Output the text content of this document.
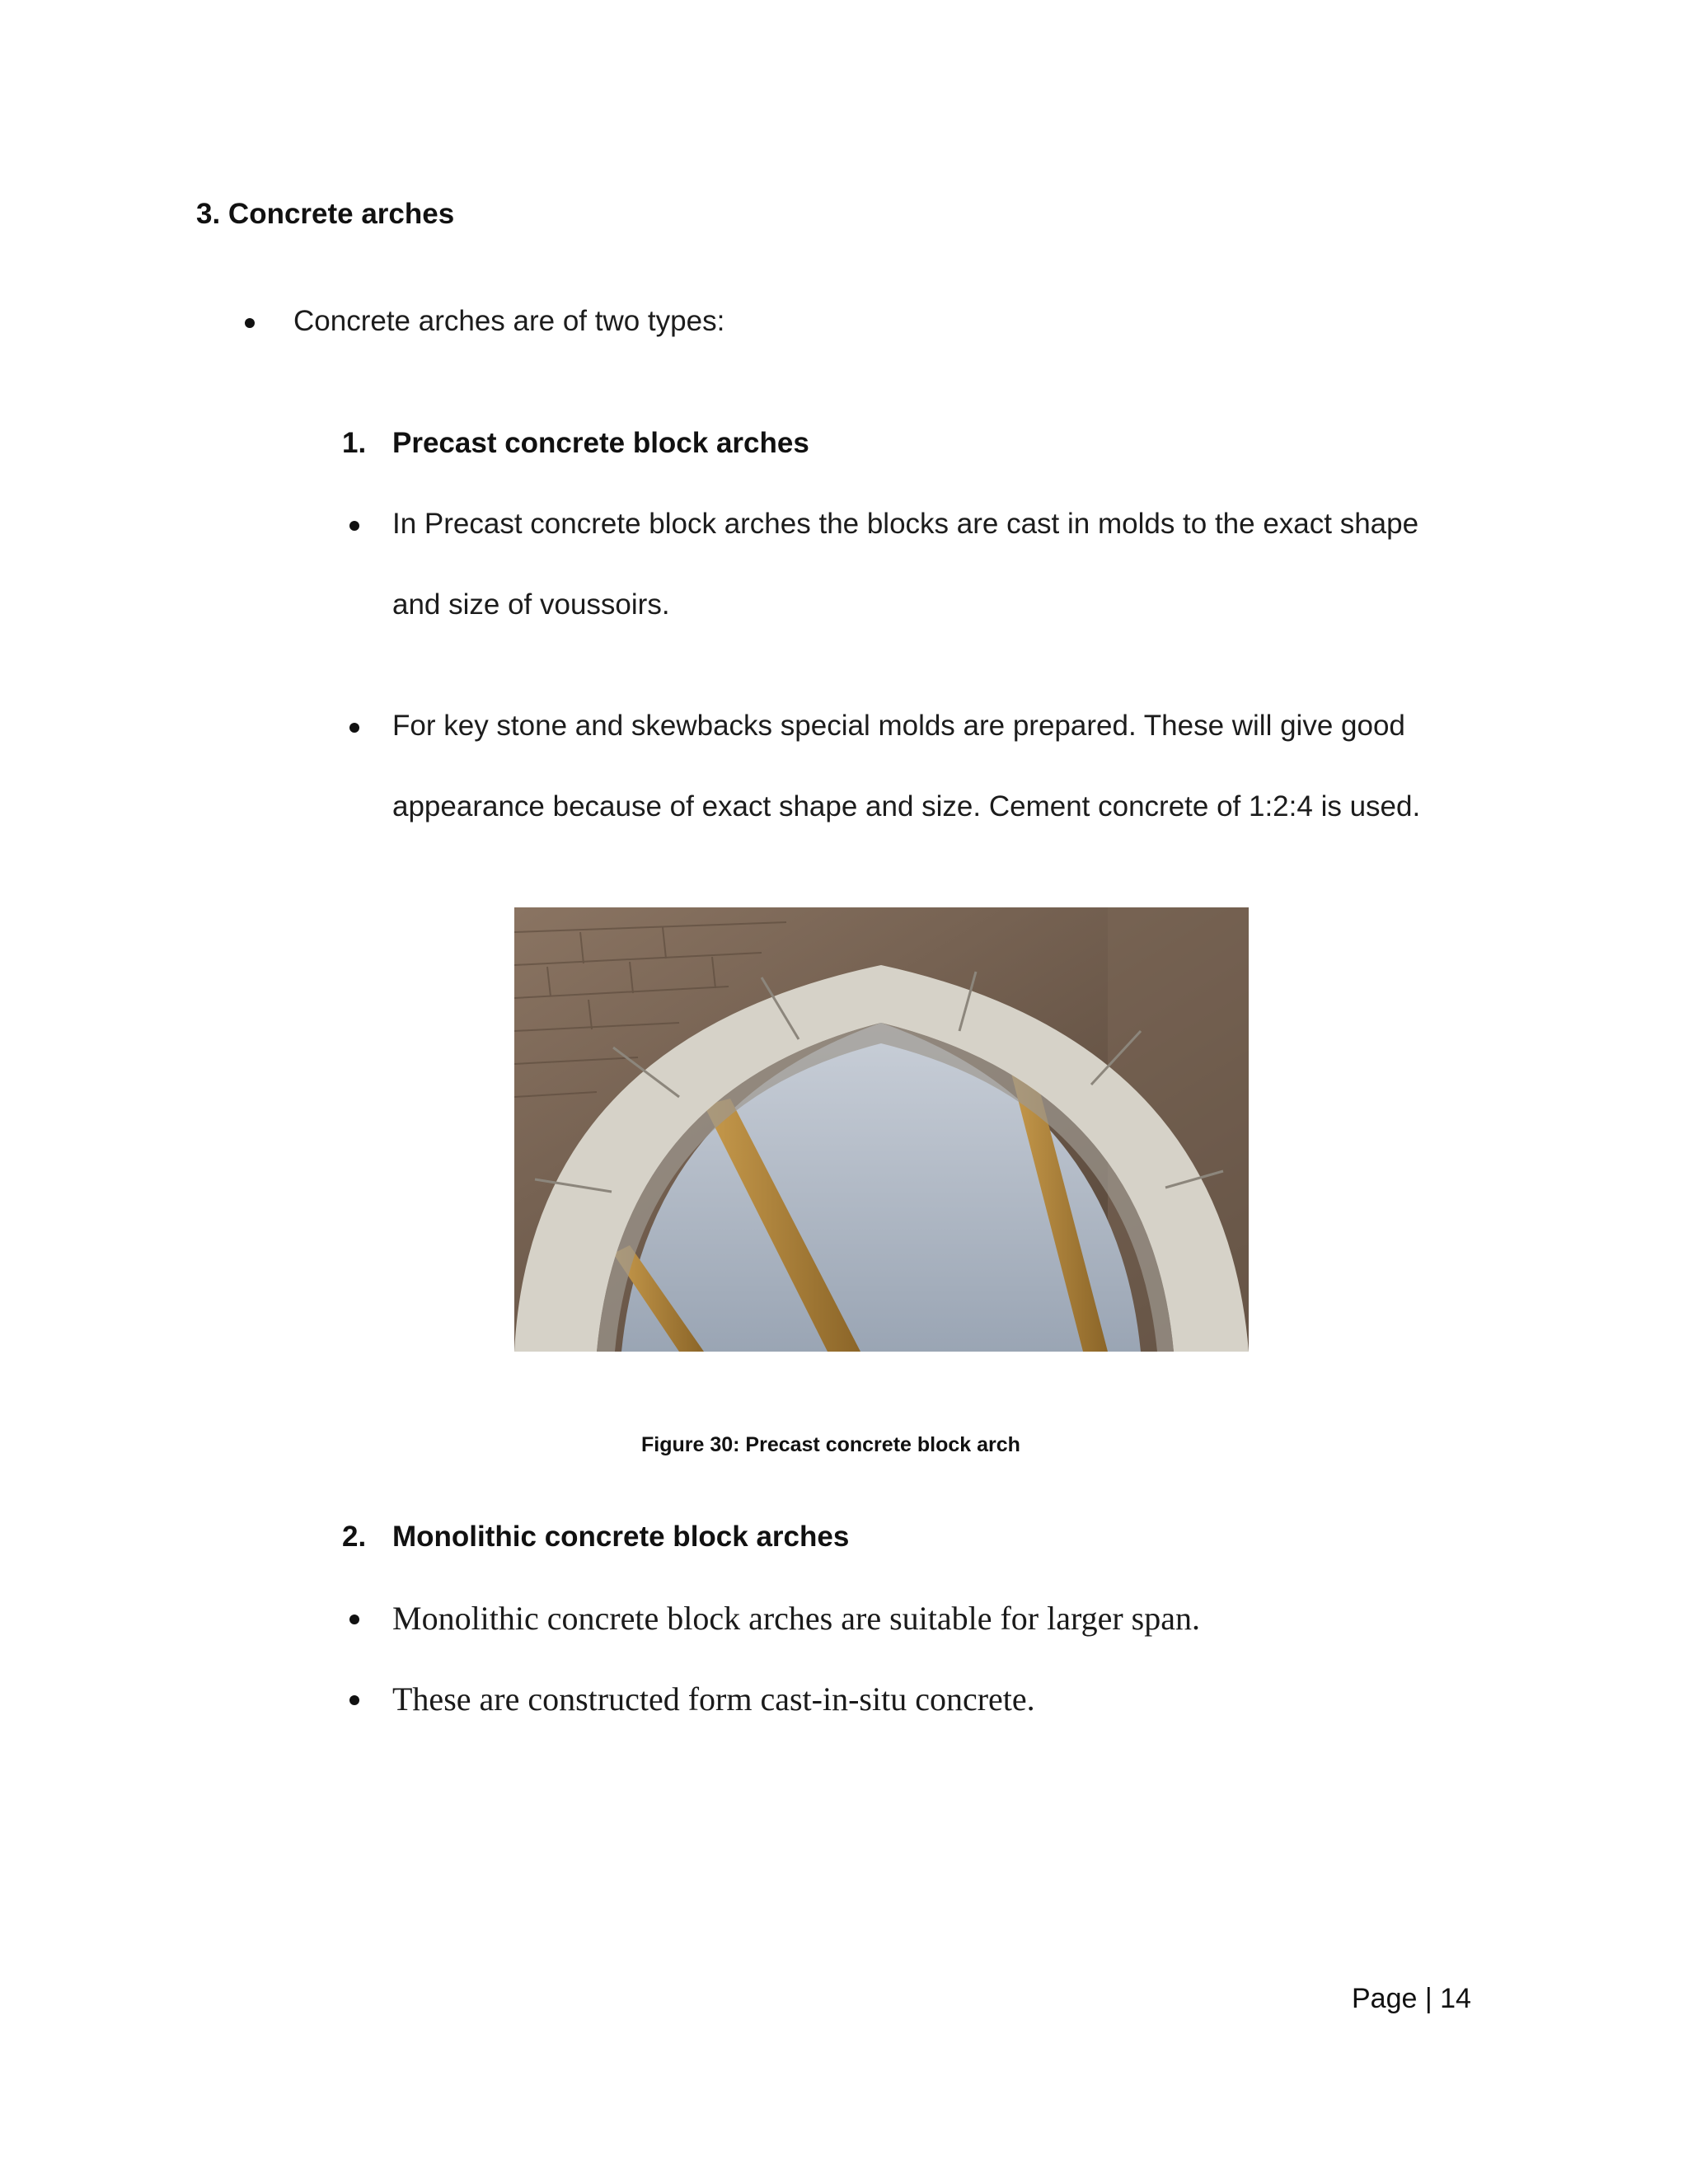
3. Concrete arches
Concrete arches are of two types:
1. Precast concrete block arches
In Precast concrete block arches the blocks are cast in molds to the exact shape
and size of voussoirs.
For key stone and skewbacks special molds are prepared. These will give good
appearance because of exact shape and size. Cement concrete of 1:2:4 is used.
Figure 30: Precast concrete block arch
2. Monolithic concrete block arches
Monolithic concrete block arches are suitable for larger span.
These are constructed form cast-in-situ concrete.
Page | 14
